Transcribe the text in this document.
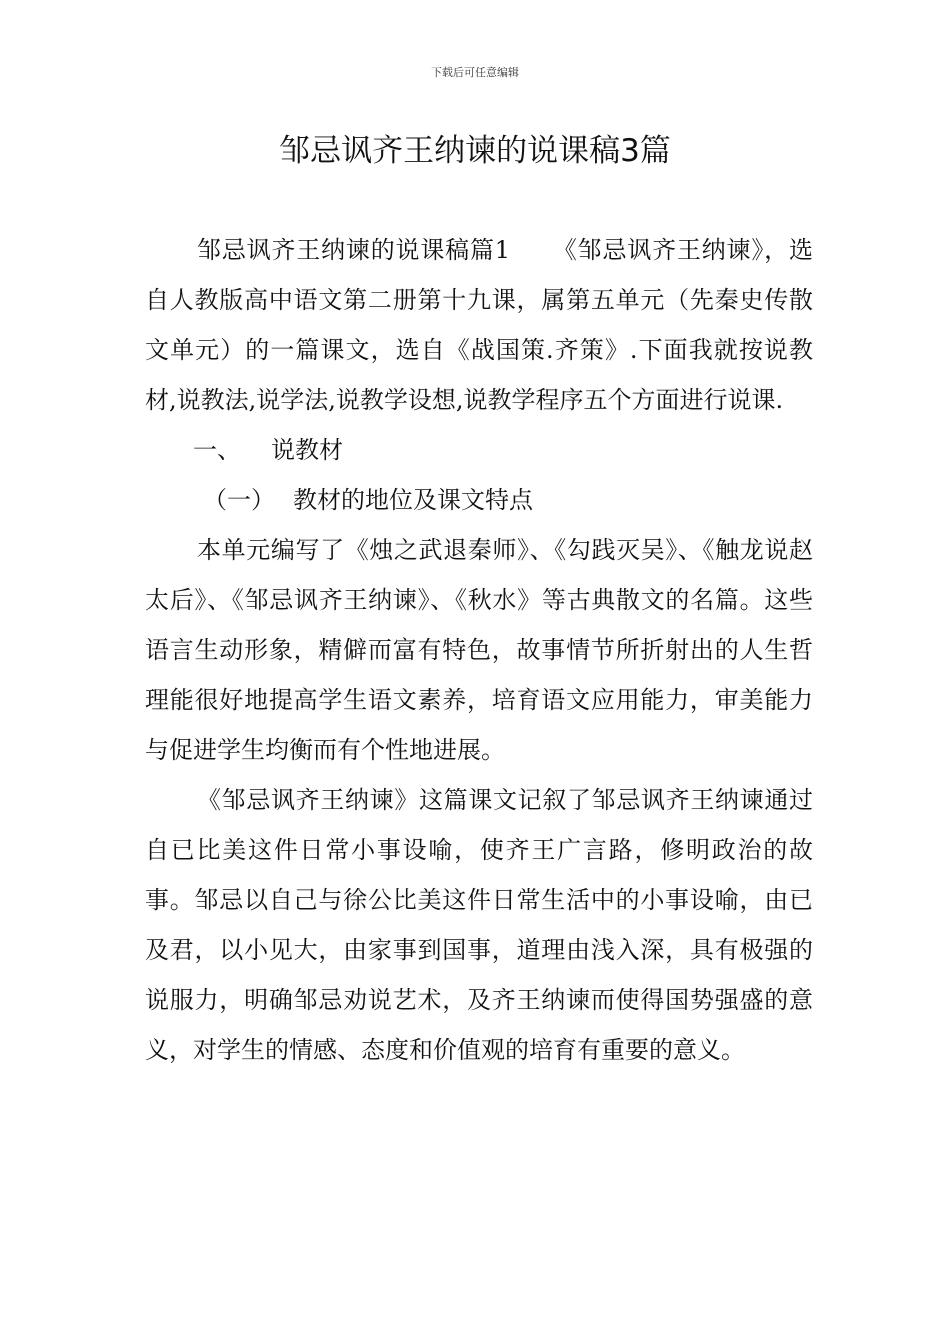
下载后可任意编辑
邹忌讽齐王纳谏的说课稿3篇

邹忌讽齐王纳谏的说课稿篇1 《邹忌讽齐王纳谏》，选自人教版高中语文第二册第十九课，属第五单元（先秦史传散文单元）的一篇课文，选自《战国策.齐策》.下面我就按说教材,说教法,说学法,说教学设想,说教学程序五个方面进行说课.

一、 说教材

（一） 教材的地位及课文特点

本单元编写了《烛之武退秦师》、《勾践灭吴》、《触龙说赵太后》、《邹忌讽齐王纳谏》、《秋水》等古典散文的名篇。这些语言生动形象，精僻而富有特色，故事情节所折射出的人生哲理能很好地提高学生语文素养，培育语文应用能力，审美能力与促进学生均衡而有个性地进展。

《邹忌讽齐王纳谏》这篇课文记叙了邹忌讽齐王纳谏通过自已比美这件日常小事设喻，使齐王广言路，修明政治的故事。邹忌以自己与徐公比美这件日常生活中的小事设喻，由已及君，以小见大，由家事到国事，道理由浅入深，具有极强的说服力，明确邹忌劝说艺术，及齐王纳谏而使得国势强盛的意义，对学生的情感、态度和价值观的培育有重要的意义。
